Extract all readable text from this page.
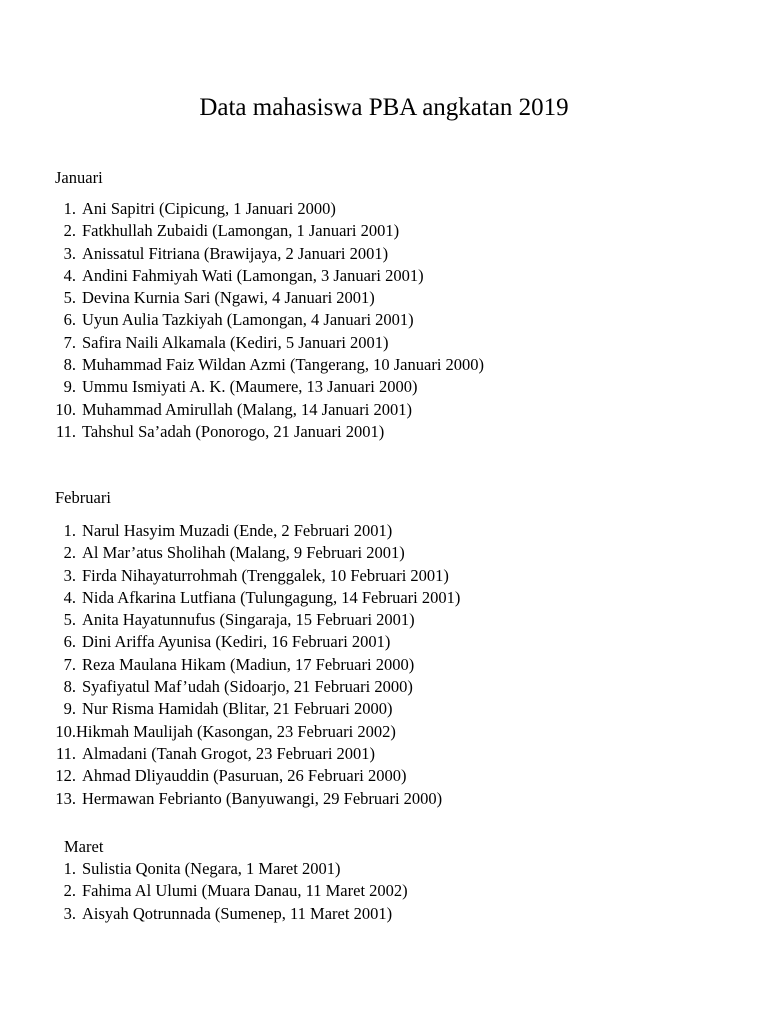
Data mahasiswa PBA angkatan 2019
Januari
1. Ani Sapitri (Cipicung, 1 Januari 2000)
2. Fatkhullah Zubaidi (Lamongan, 1 Januari 2001)
3. Anissatul Fitriana (Brawijaya, 2 Januari 2001)
4. Andini Fahmiyah Wati (Lamongan, 3 Januari 2001)
5. Devina Kurnia Sari (Ngawi, 4 Januari 2001)
6. Uyun Aulia Tazkiyah (Lamongan, 4 Januari 2001)
7. Safira Naili Alkamala (Kediri, 5 Januari 2001)
8. Muhammad Faiz Wildan Azmi (Tangerang, 10 Januari 2000)
9. Ummu Ismiyati A. K. (Maumere, 13 Januari 2000)
10. Muhammad Amirullah (Malang, 14 Januari 2001)
11. Tahshul Sa’adah (Ponorogo, 21 Januari 2001)
Februari
1. Narul Hasyim Muzadi (Ende, 2 Februari 2001)
2. Al Mar’atus Sholihah (Malang, 9 Februari 2001)
3. Firda Nihayaturrohmah (Trenggalek, 10 Februari 2001)
4. Nida Afkarina Lutfiana (Tulungagung, 14 Februari 2001)
5. Anita Hayatunnufus (Singaraja, 15 Februari 2001)
6. Dini Ariffa Ayunisa (Kediri, 16 Februari 2001)
7. Reza Maulana Hikam (Madiun, 17 Februari 2000)
8. Syafiyatul Maf’udah (Sidoarjo, 21 Februari 2000)
9. Nur Risma Hamidah (Blitar, 21 Februari 2000)
10.Hikmah Maulijah (Kasongan, 23 Februari 2002)
11. Almadani (Tanah Grogot, 23 Februari 2001)
12. Ahmad Dliyauddin (Pasuruan, 26 Februari 2000)
13. Hermawan Febrianto (Banyuwangi, 29 Februari 2000)
Maret
1. Sulistia Qonita (Negara, 1 Maret 2001)
2. Fahima Al Ulumi (Muara Danau, 11 Maret 2002)
3. Aisyah Qotrunnada (Sumenep, 11 Maret 2001)
